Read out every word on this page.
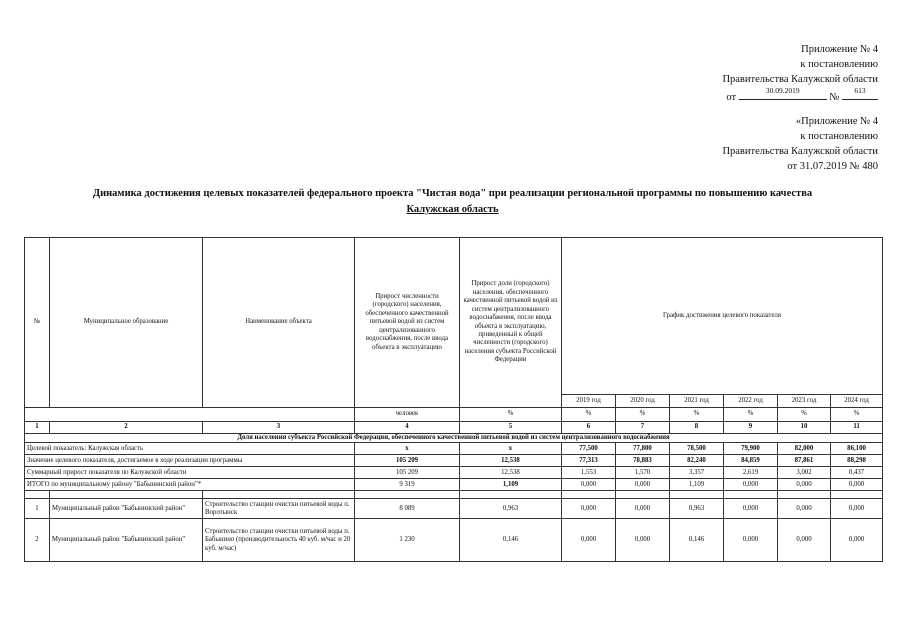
Приложение № 4
к постановлению
Правительства Калужской области
от
30.09.2019
№
613
«Приложение № 4
к постановлению
Правительства Калужской области
от 31.07.2019 № 480
Динамика достижения целевых показателей федерального проекта "Чистая вода" при реализации региональной программы по повышению качества
Калужская область
№	Муниципальное образование	Наименование объекта	Прирост численности (городского) населения, обеспеченного качественной питьевой водой из систем централизованного водоснабжения, после ввода объекта в эксплуатацию	Прирост доли (городского) населения, обеспеченного качественной питьевой водой из систем централизованного водоснабжения, после ввода объекта в эксплуатацию, приведенный к общей численности (городского) населения субъекта Российской Федерации	График достижения целевого показателя					
					2019 год	2020 год	2021 год	2022 год	2023 год	2024 год
			человек	%	%	%	%	%	%	%
1	2	3	4	5	6	7	8	9	10	11
Доля населения субъекта Российской Федерации, обеспеченного качественной питьевой водой из систем централизованного водоснабжения										
Целевой показатель: Калужская область			х	х	77,500	77,800	78,500	79,900	82,000	86,100
Значение целевого показателя, достигаемое в ходе реализации программы			105 209	12,538	77,313	78,883	82,240	84,859	87,861	88,298
Суммарный прирост показателя по Калужской области			105 209	12,538	1,553	1,570	3,357	2,619	3,002	0,437
ИТОГО по муниципальному району "Бабынинский район"*			9 319	1,109	0,000	0,000	1,109	0,000	0,000	0,000

1	Муниципальный район "Бабынинский район"	Строительство станции очистки питьевой воды п. Воротынск	8 089	0,963	0,000	0,000	0,963	0,000	0,000	0,000
2	Муниципальный район "Бабынинский район"	Строительство станции очистки питьевой воды п. Бабынино (производительность 40 куб. м/час и 20 куб. м/час)	1 230	0,146	0,000	0,000	0,146	0,000	0,000	0,000
